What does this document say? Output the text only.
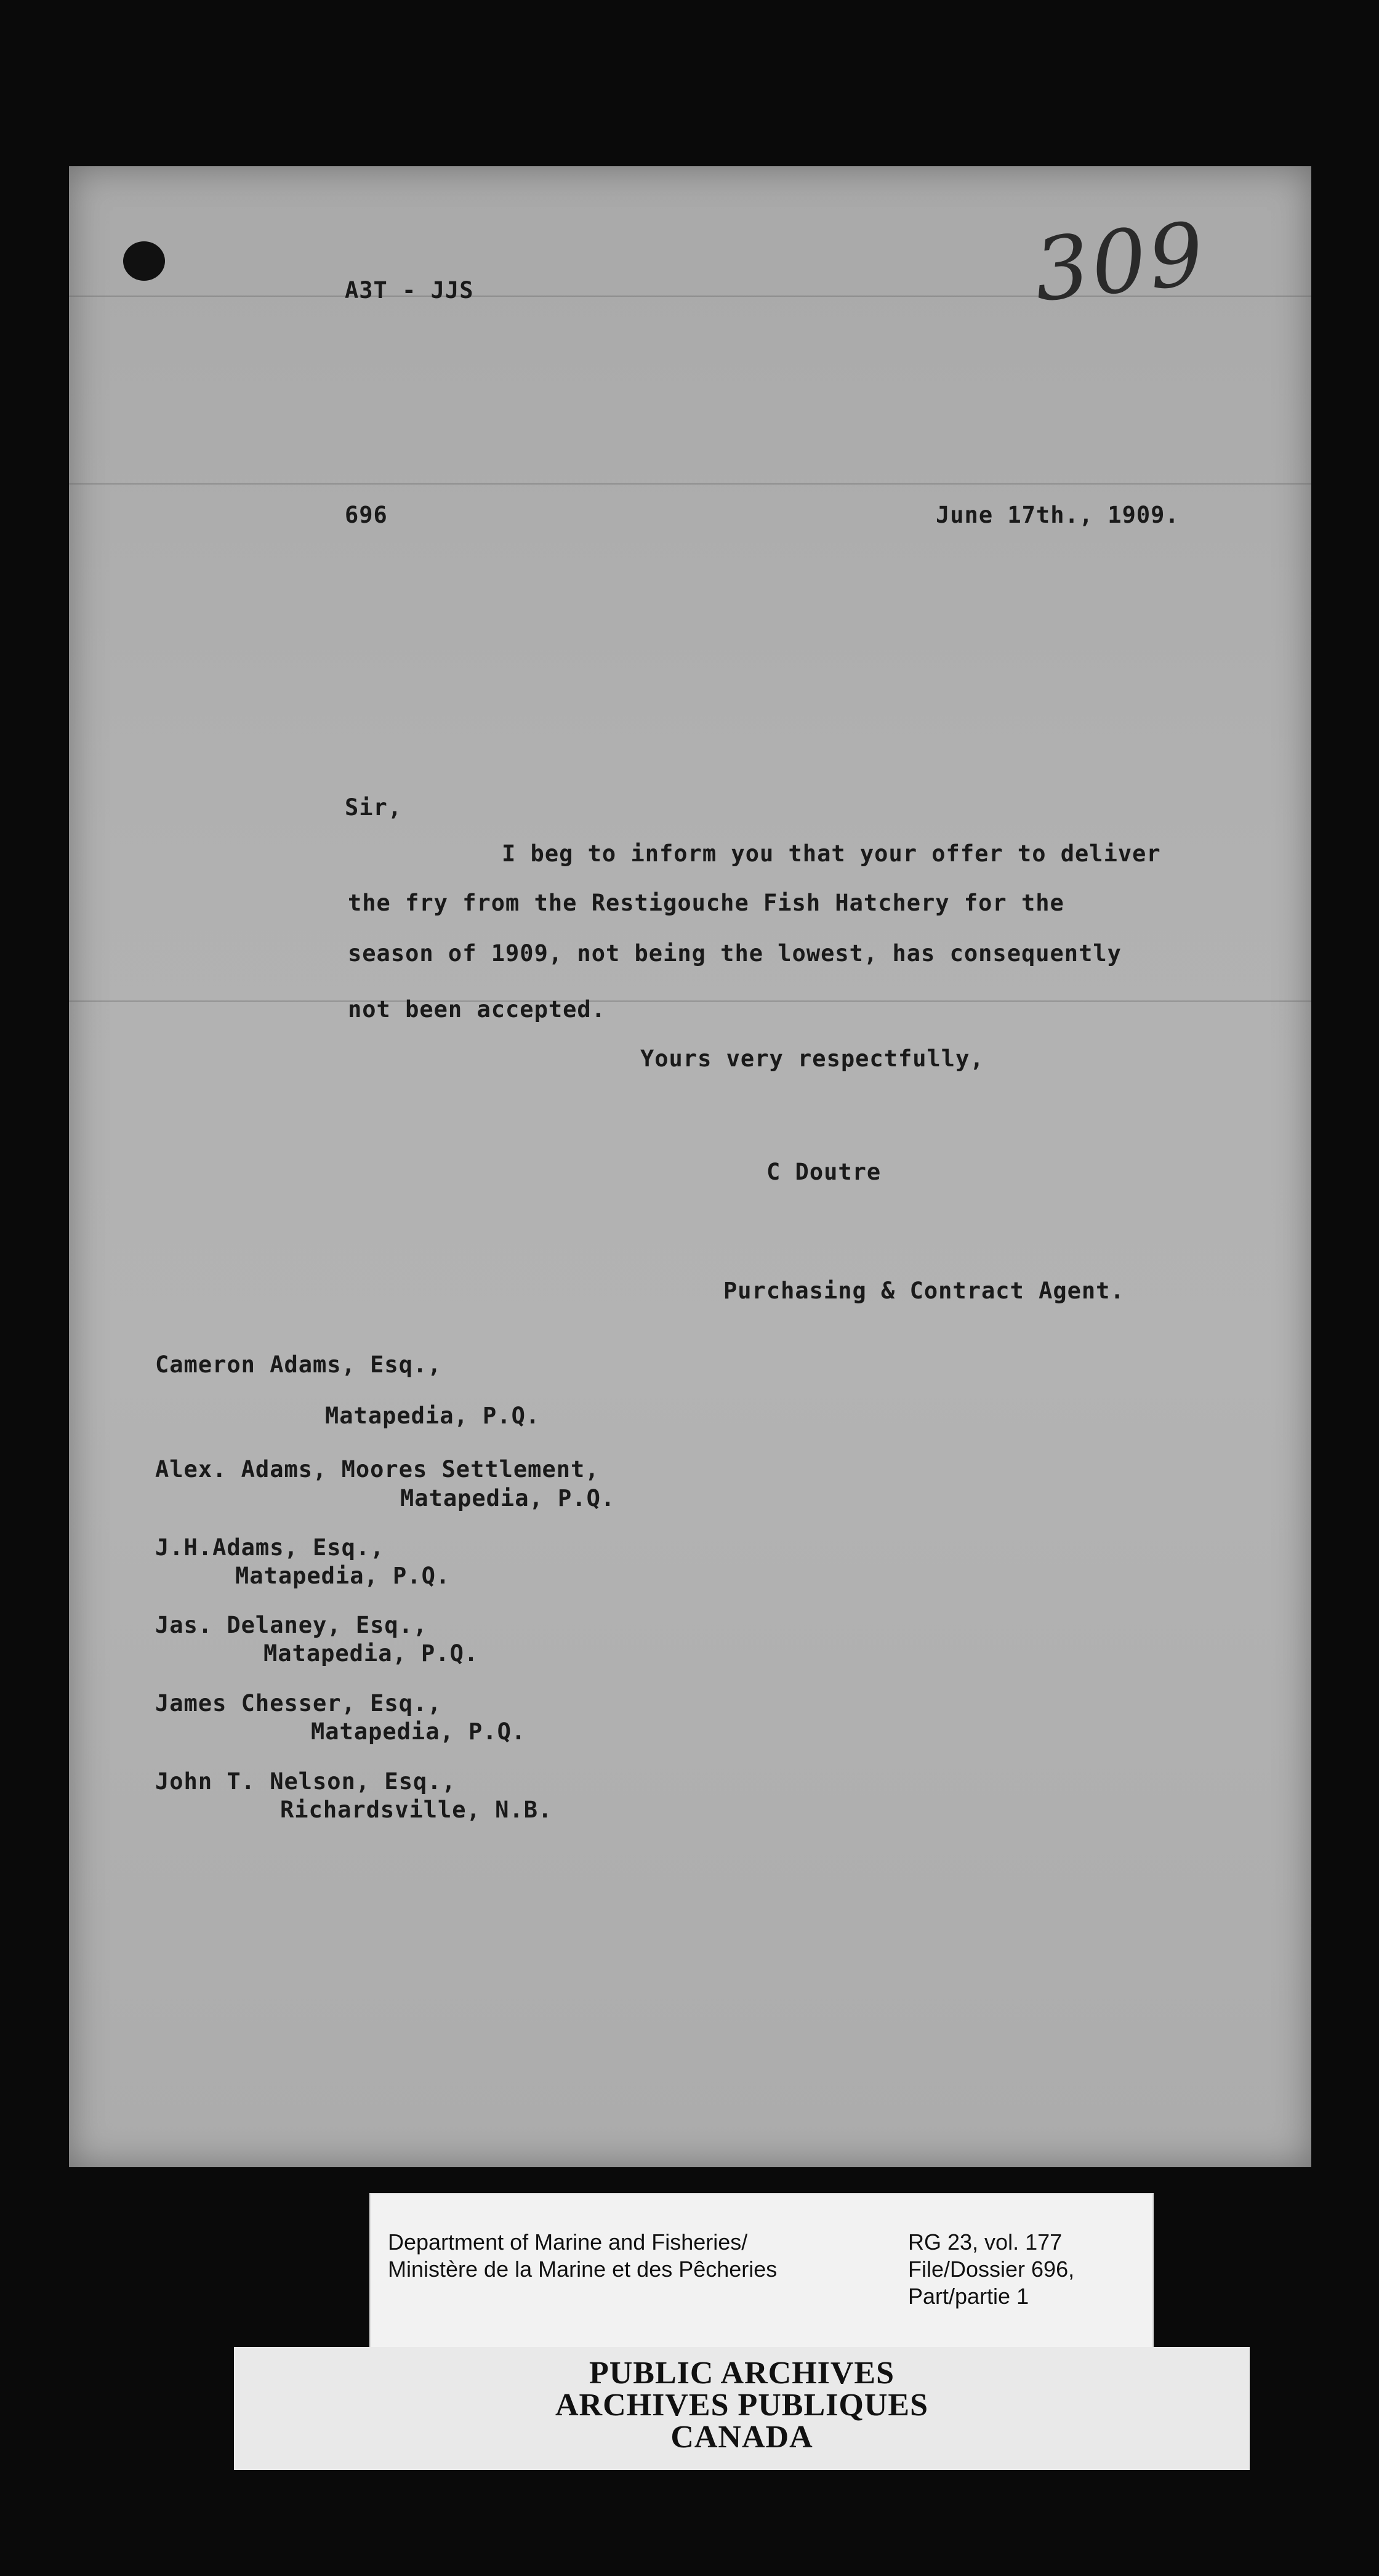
A3T - JJS	309

696	June 17th., 1909.

Sir,

I beg to inform you that your offer to deliver

the fry from the Restigouche Fish Hatchery for the

season of 1909, not being the lowest, has consequently

not been accepted.

Yours very respectfully,

C Doutre

Purchasing & Contract Agent.

Cameron Adams, Esq.,

Matapedia, P.Q.

Alex. Adams, Moores Settlement,

Matapedia, P.Q.

J.H.Adams, Esq.,

Matapedia, P.Q.

Jas. Delaney, Esq.,

Matapedia, P.Q.

James Chesser, Esq.,

Matapedia, P.Q.

John T. Nelson, Esq.,

Richardsville, N.B.

Department of Marine and Fisheries/
Ministère de la Marine et des Pêcheries
RG 23, vol. 177
File/Dossier 696,
Part/partie 1
PUBLIC ARCHIVES
ARCHIVES PUBLIQUES
CANADA
